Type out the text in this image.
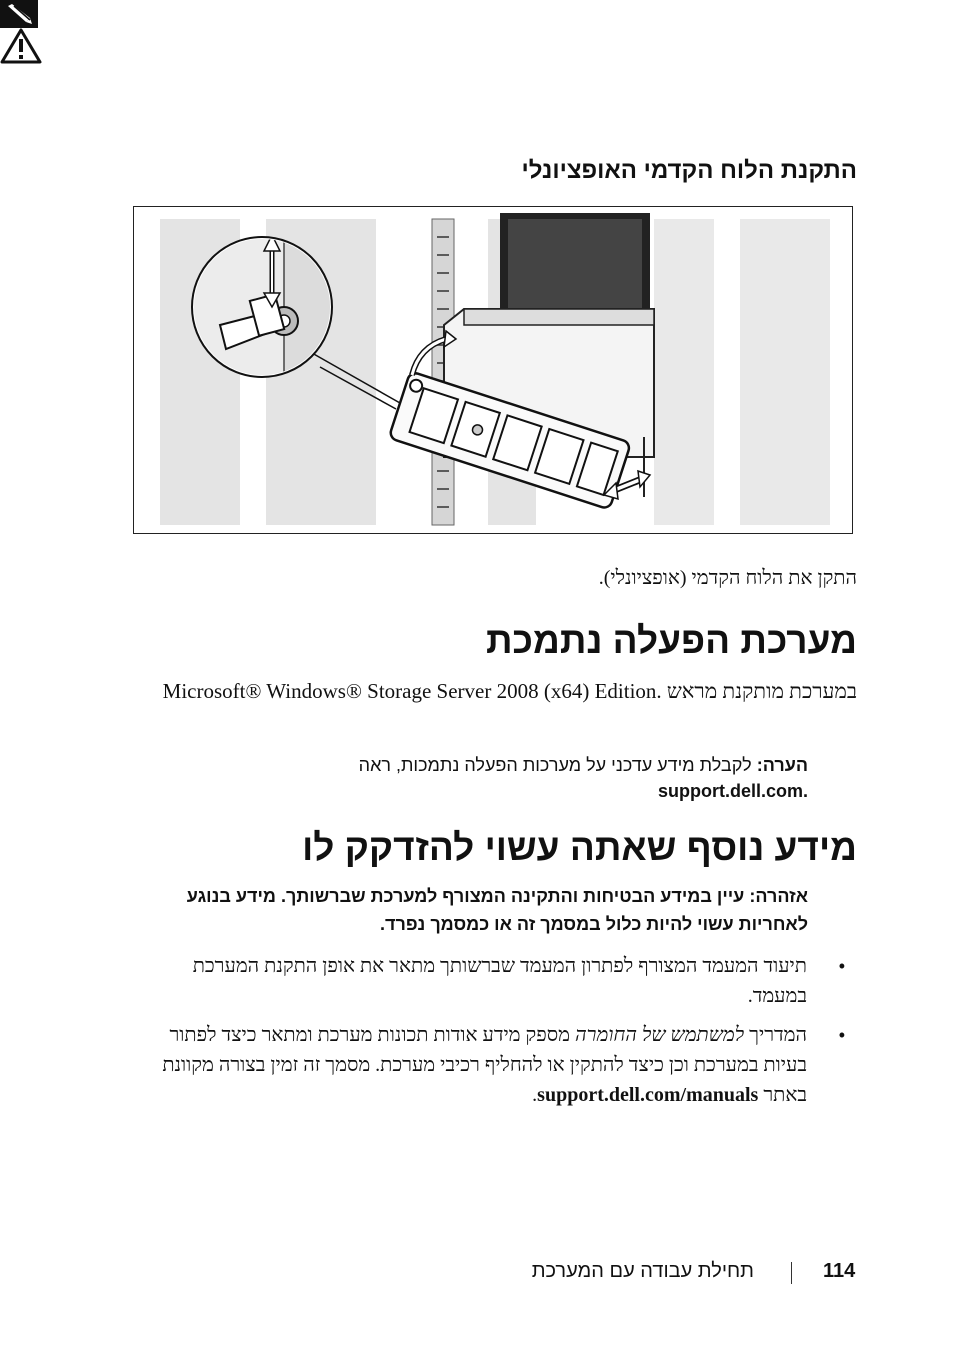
התקנת הלוח הקדמי האופציונלי
התקן את הלוח הקדמי (אופציונלי).
מערכת הפעלה נתמכת
במערכת מותקנת מראש Microsoft® Windows® Storage Server 2008 (x64) Edition.
הערה: לקבלת מידע עדכני על מערכות הפעלה נתמכות, ראה
support.dell.com.
מידע נוסף שאתה עשוי להזדקק לו
אזהרה: עיין במידע הבטיחות והתקינה המצורף למערכת שברשותך. מידע בנוגע לאחריות עשוי להיות כלול במסמך זה או כמסמך נפרד.
•
תיעוד המעמד המצורף לפתרון המעמד שברשותך מתאר את אופן התקנת המערכת במעמד.
•
המדריך למשתמש של החומרה מספק מידע אודות תכונות מערכת ומתאר כיצד לפתור בעיות במערכת וכן כיצד להתקין או להחליף רכיבי מערכת. מסמך זה זמין בצורה מקוונת באתר support.dell.com/manuals.
114
תחילת עבודה עם המערכת
